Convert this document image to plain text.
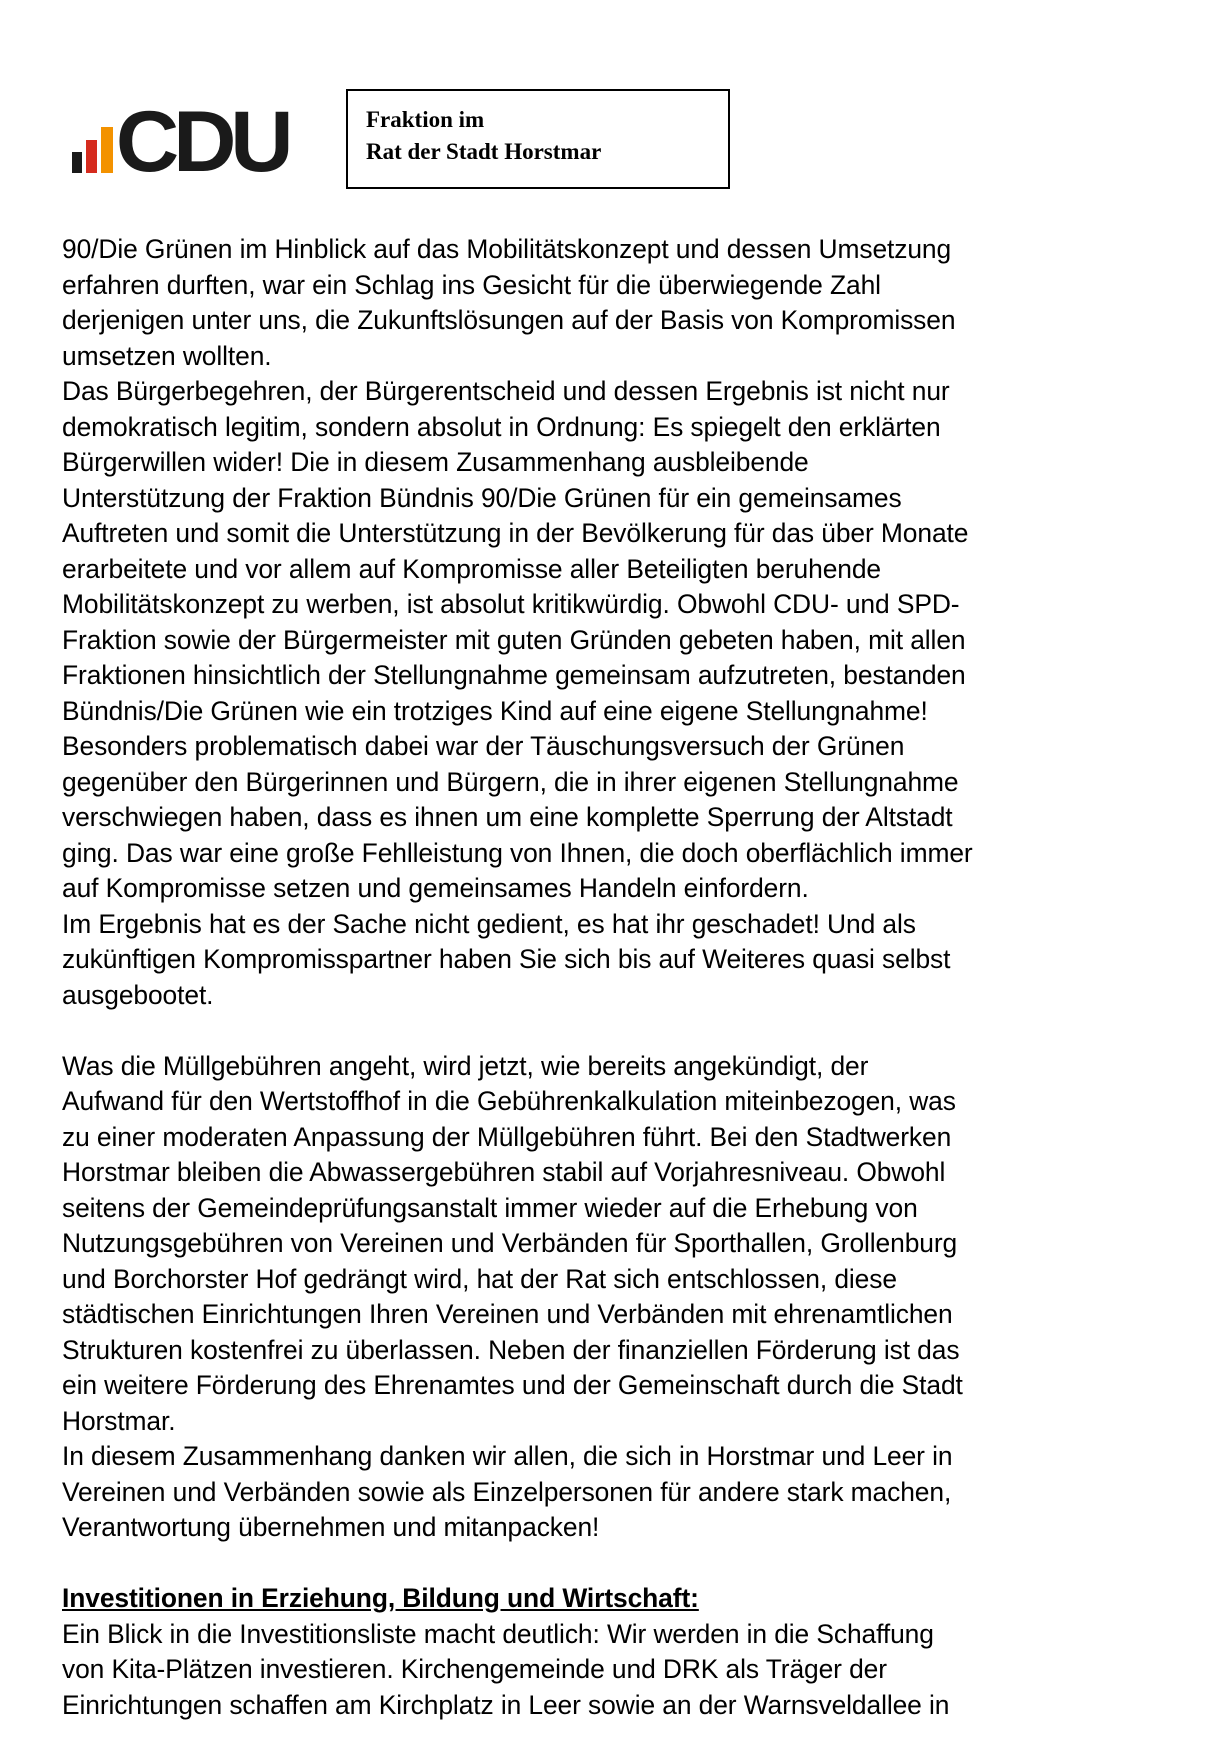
CDU	Fraktion im
Rat der Stadt Horstmar

90/Die Grünen im Hinblick auf das Mobilitätskonzept und dessen Umsetzung
erfahren durften, war ein Schlag ins Gesicht für die überwiegende Zahl
derjenigen unter uns, die Zukunftslösungen auf der Basis von Kompromissen
umsetzen wollten.

Das Bürgerbegehren, der Bürgerentscheid und dessen Ergebnis ist nicht nur
demokratisch legitim, sondern absolut in Ordnung: Es spiegelt den erklärten
Bürgerwillen wider! Die in diesem Zusammenhang ausbleibende
Unterstützung der Fraktion Bündnis 90/Die Grünen für ein gemeinsames
Auftreten und somit die Unterstützung in der Bevölkerung für das über Monate
erarbeitete und vor allem auf Kompromisse aller Beteiligten beruhende
Mobilitätskonzept zu werben, ist absolut kritikwürdig. Obwohl CDU- und SPD-
Fraktion sowie der Bürgermeister mit guten Gründen gebeten haben, mit allen
Fraktionen hinsichtlich der Stellungnahme gemeinsam aufzutreten, bestanden
Bündnis/Die Grünen wie ein trotziges Kind auf eine eigene Stellungnahme!
Besonders problematisch dabei war der Täuschungsversuch der Grünen
gegenüber den Bürgerinnen und Bürgern, die in ihrer eigenen Stellungnahme
verschwiegen haben, dass es ihnen um eine komplette Sperrung der Altstadt
ging. Das war eine große Fehlleistung von Ihnen, die doch oberflächlich immer
auf Kompromisse setzen und gemeinsames Handeln einfordern.

Im Ergebnis hat es der Sache nicht gedient, es hat ihr geschadet! Und als
zukünftigen Kompromisspartner haben Sie sich bis auf Weiteres quasi selbst
ausgebootet.

Was die Müllgebühren angeht, wird jetzt, wie bereits angekündigt, der
Aufwand für den Wertstoffhof in die Gebührenkalkulation miteinbezogen, was
zu einer moderaten Anpassung der Müllgebühren führt. Bei den Stadtwerken
Horstmar bleiben die Abwassergebühren stabil auf Vorjahresniveau. Obwohl
seitens der Gemeindeprüfungsanstalt immer wieder auf die Erhebung von
Nutzungsgebühren von Vereinen und Verbänden für Sporthallen, Grollenburg
und Borchorster Hof gedrängt wird, hat der Rat sich entschlossen, diese
städtischen Einrichtungen Ihren Vereinen und Verbänden mit ehrenamtlichen
Strukturen kostenfrei zu überlassen. Neben der finanziellen Förderung ist das
ein weitere Förderung des Ehrenamtes und der Gemeinschaft durch die Stadt
Horstmar.

In diesem Zusammenhang danken wir allen, die sich in Horstmar und Leer in
Vereinen und Verbänden sowie als Einzelpersonen für andere stark machen,
Verantwortung übernehmen und mitanpacken!

Investitionen in Erziehung, Bildung und Wirtschaft:

Ein Blick in die Investitionsliste macht deutlich: Wir werden in die Schaffung
von Kita-Plätzen investieren. Kirchengemeinde und DRK als Träger der
Einrichtungen schaffen am Kirchplatz in Leer sowie an der Warnsveldallee in
